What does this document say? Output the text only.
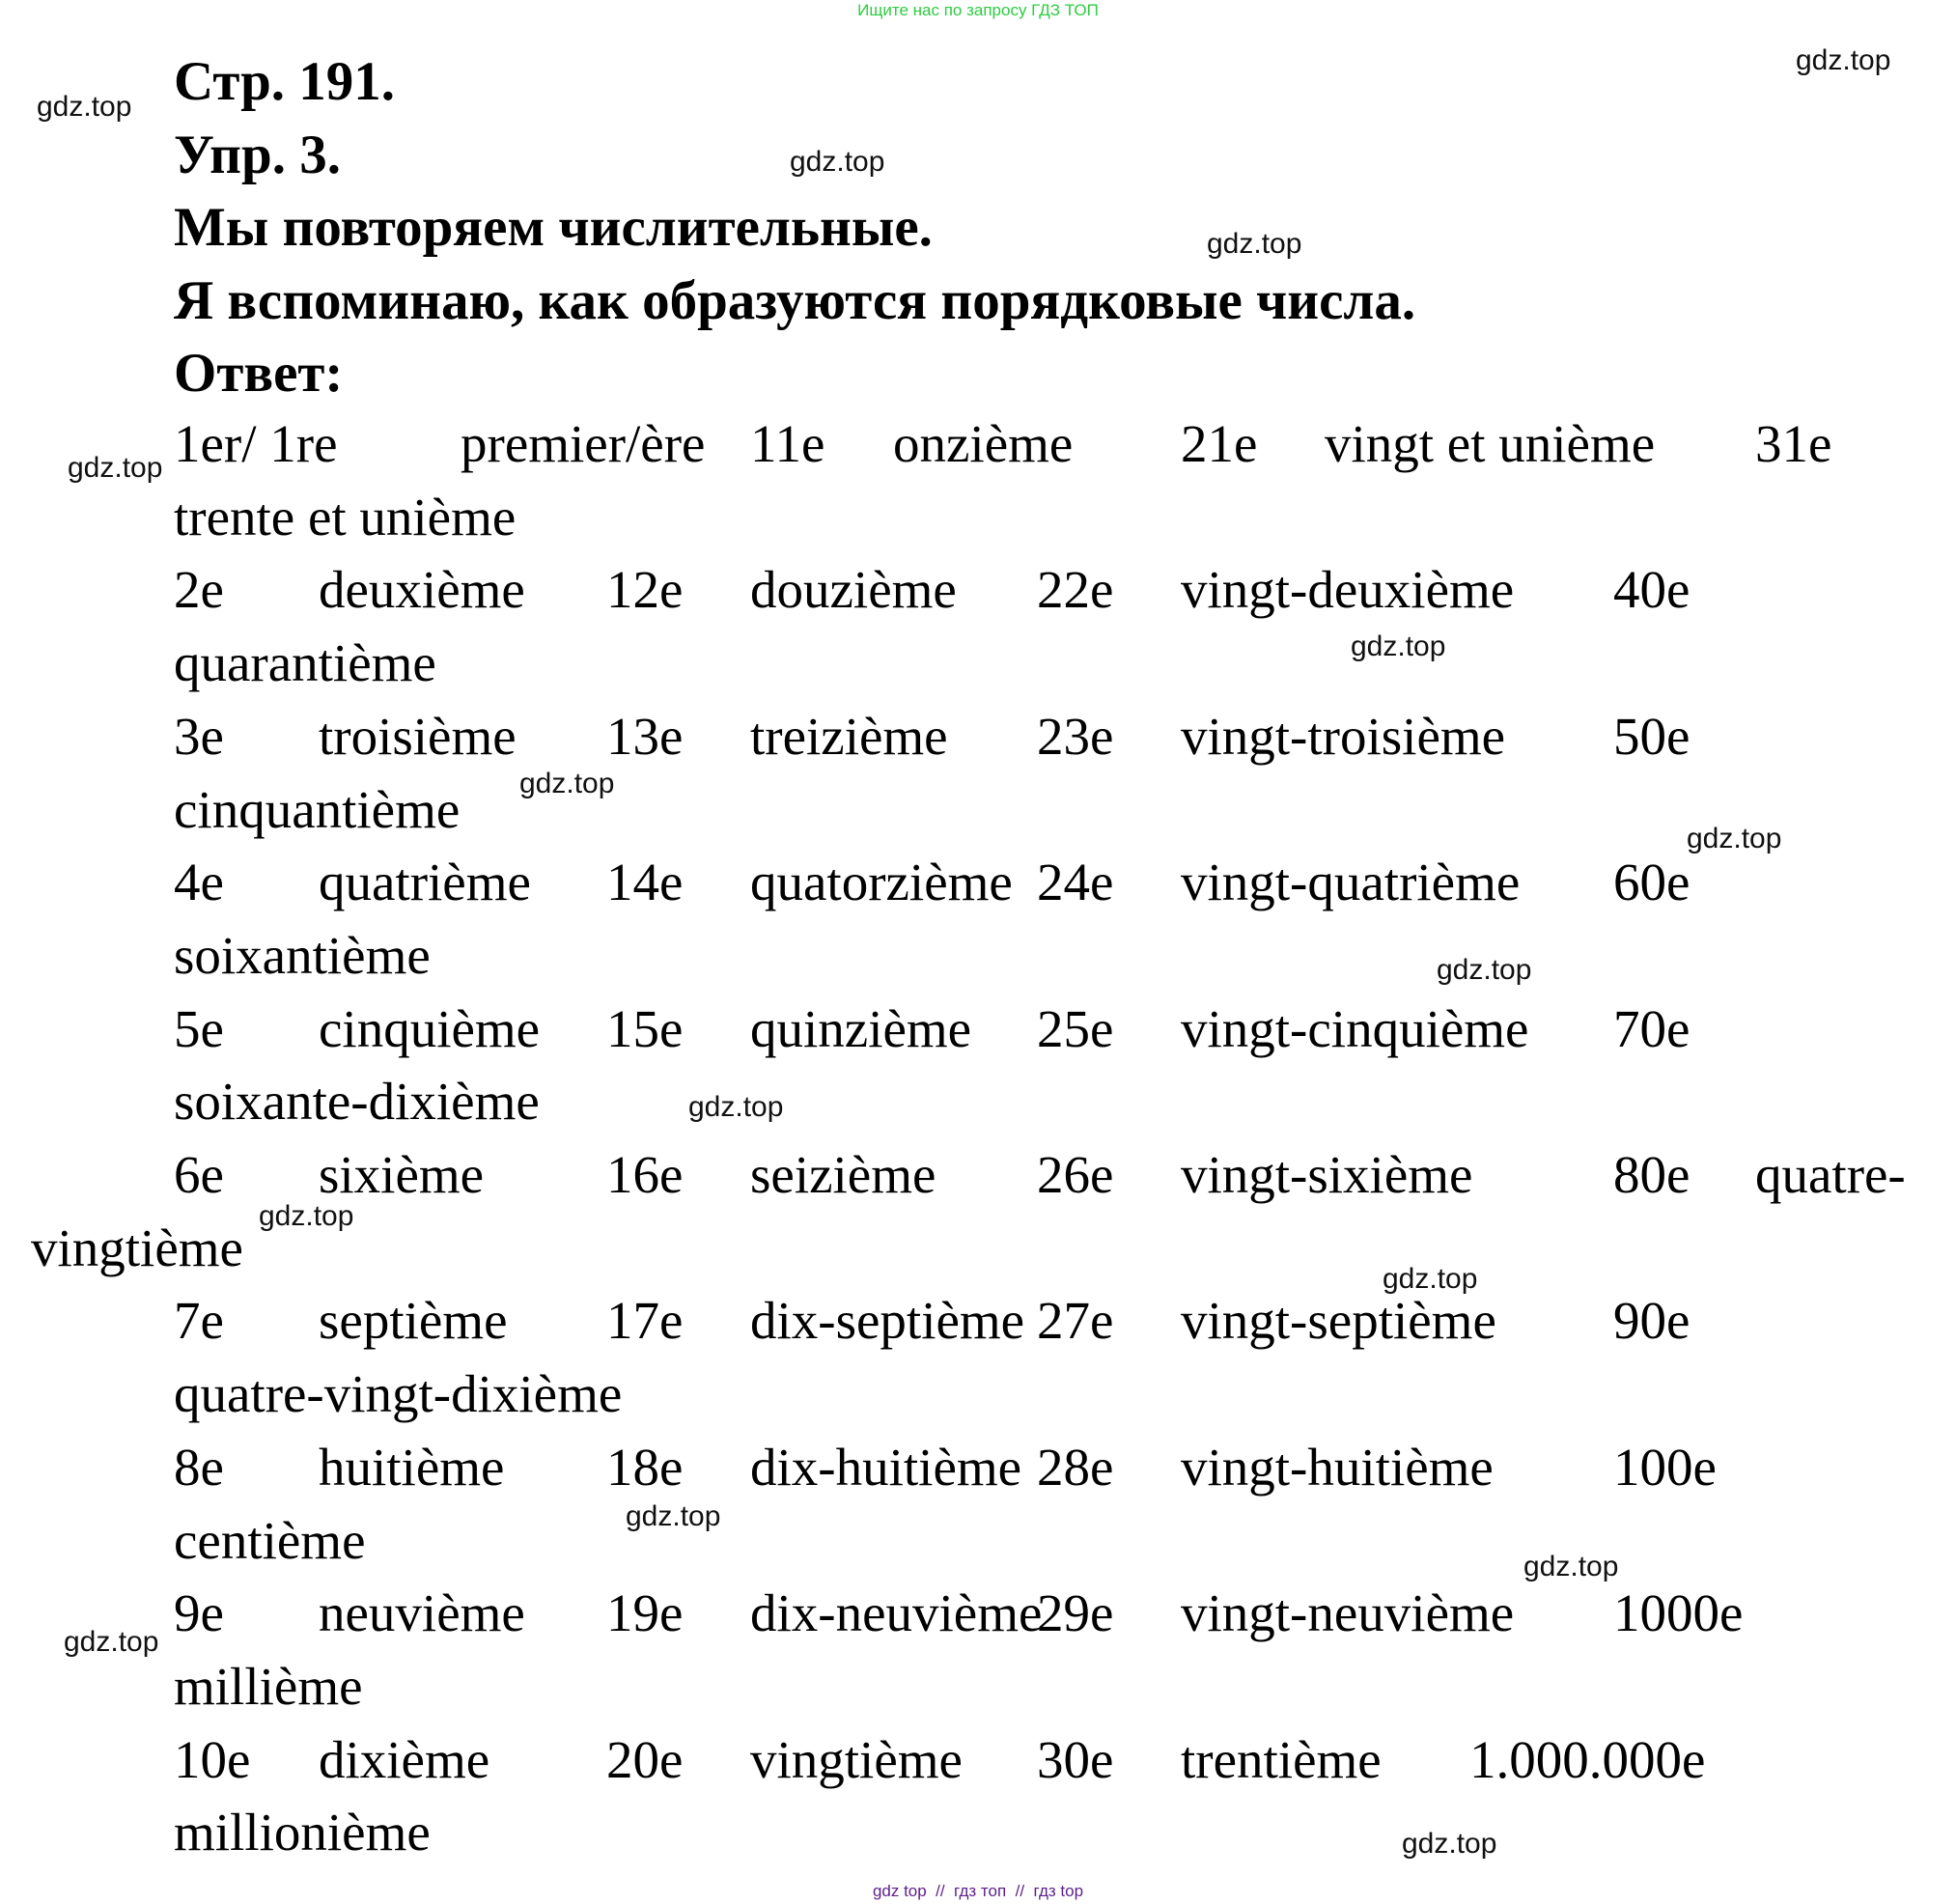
Ищите нас по запросу ГДЗ ТОП
Стр. 191.
Упр. 3.
Мы повторяем числительные.
Я вспоминаю, как образуются порядковые числа.
Ответ:
1er/ 1re premier/ère 11e onzième 21e vingt et unième 31e
trente et unième
2e deuxième 12e douzième 22e vingt-deuxième 40e
quarantième
3e troisième 13e treizième 23e vingt-troisième 50e
cinquantième
4e quatrième 14e quatorzième 24e vingt-quatrième 60e
soixantième
5e cinquième 15e quinzième 25e vingt-cinquième 70e
soixante-dixième
6e sixième 16e seizième 26e vingt-sixième	80e quatre-
vingtième
7e septième 17e dix-septième 27e vingt-septième 90e
quatre-vingt-dixième
8e huitième 18e dix-huitième 28e vingt-huitième 100e
centième
9e neuvième 19e dix-neuvième
29e vingt-neuvième 1000e
millième
10e dixième 20e vingtième 30e trentième 1.000.000e
millionième
gdz.top
gdz.top
gdz.top
gdz.top
gdz.top
gdz.top
gdz.top
gdz.top
gdz.top
gdz.top
gdz.top
gdz.top
gdz.top
gdz.top
gdz.top
gdz.top
gdz top  //  гдз топ  //  гдз top
